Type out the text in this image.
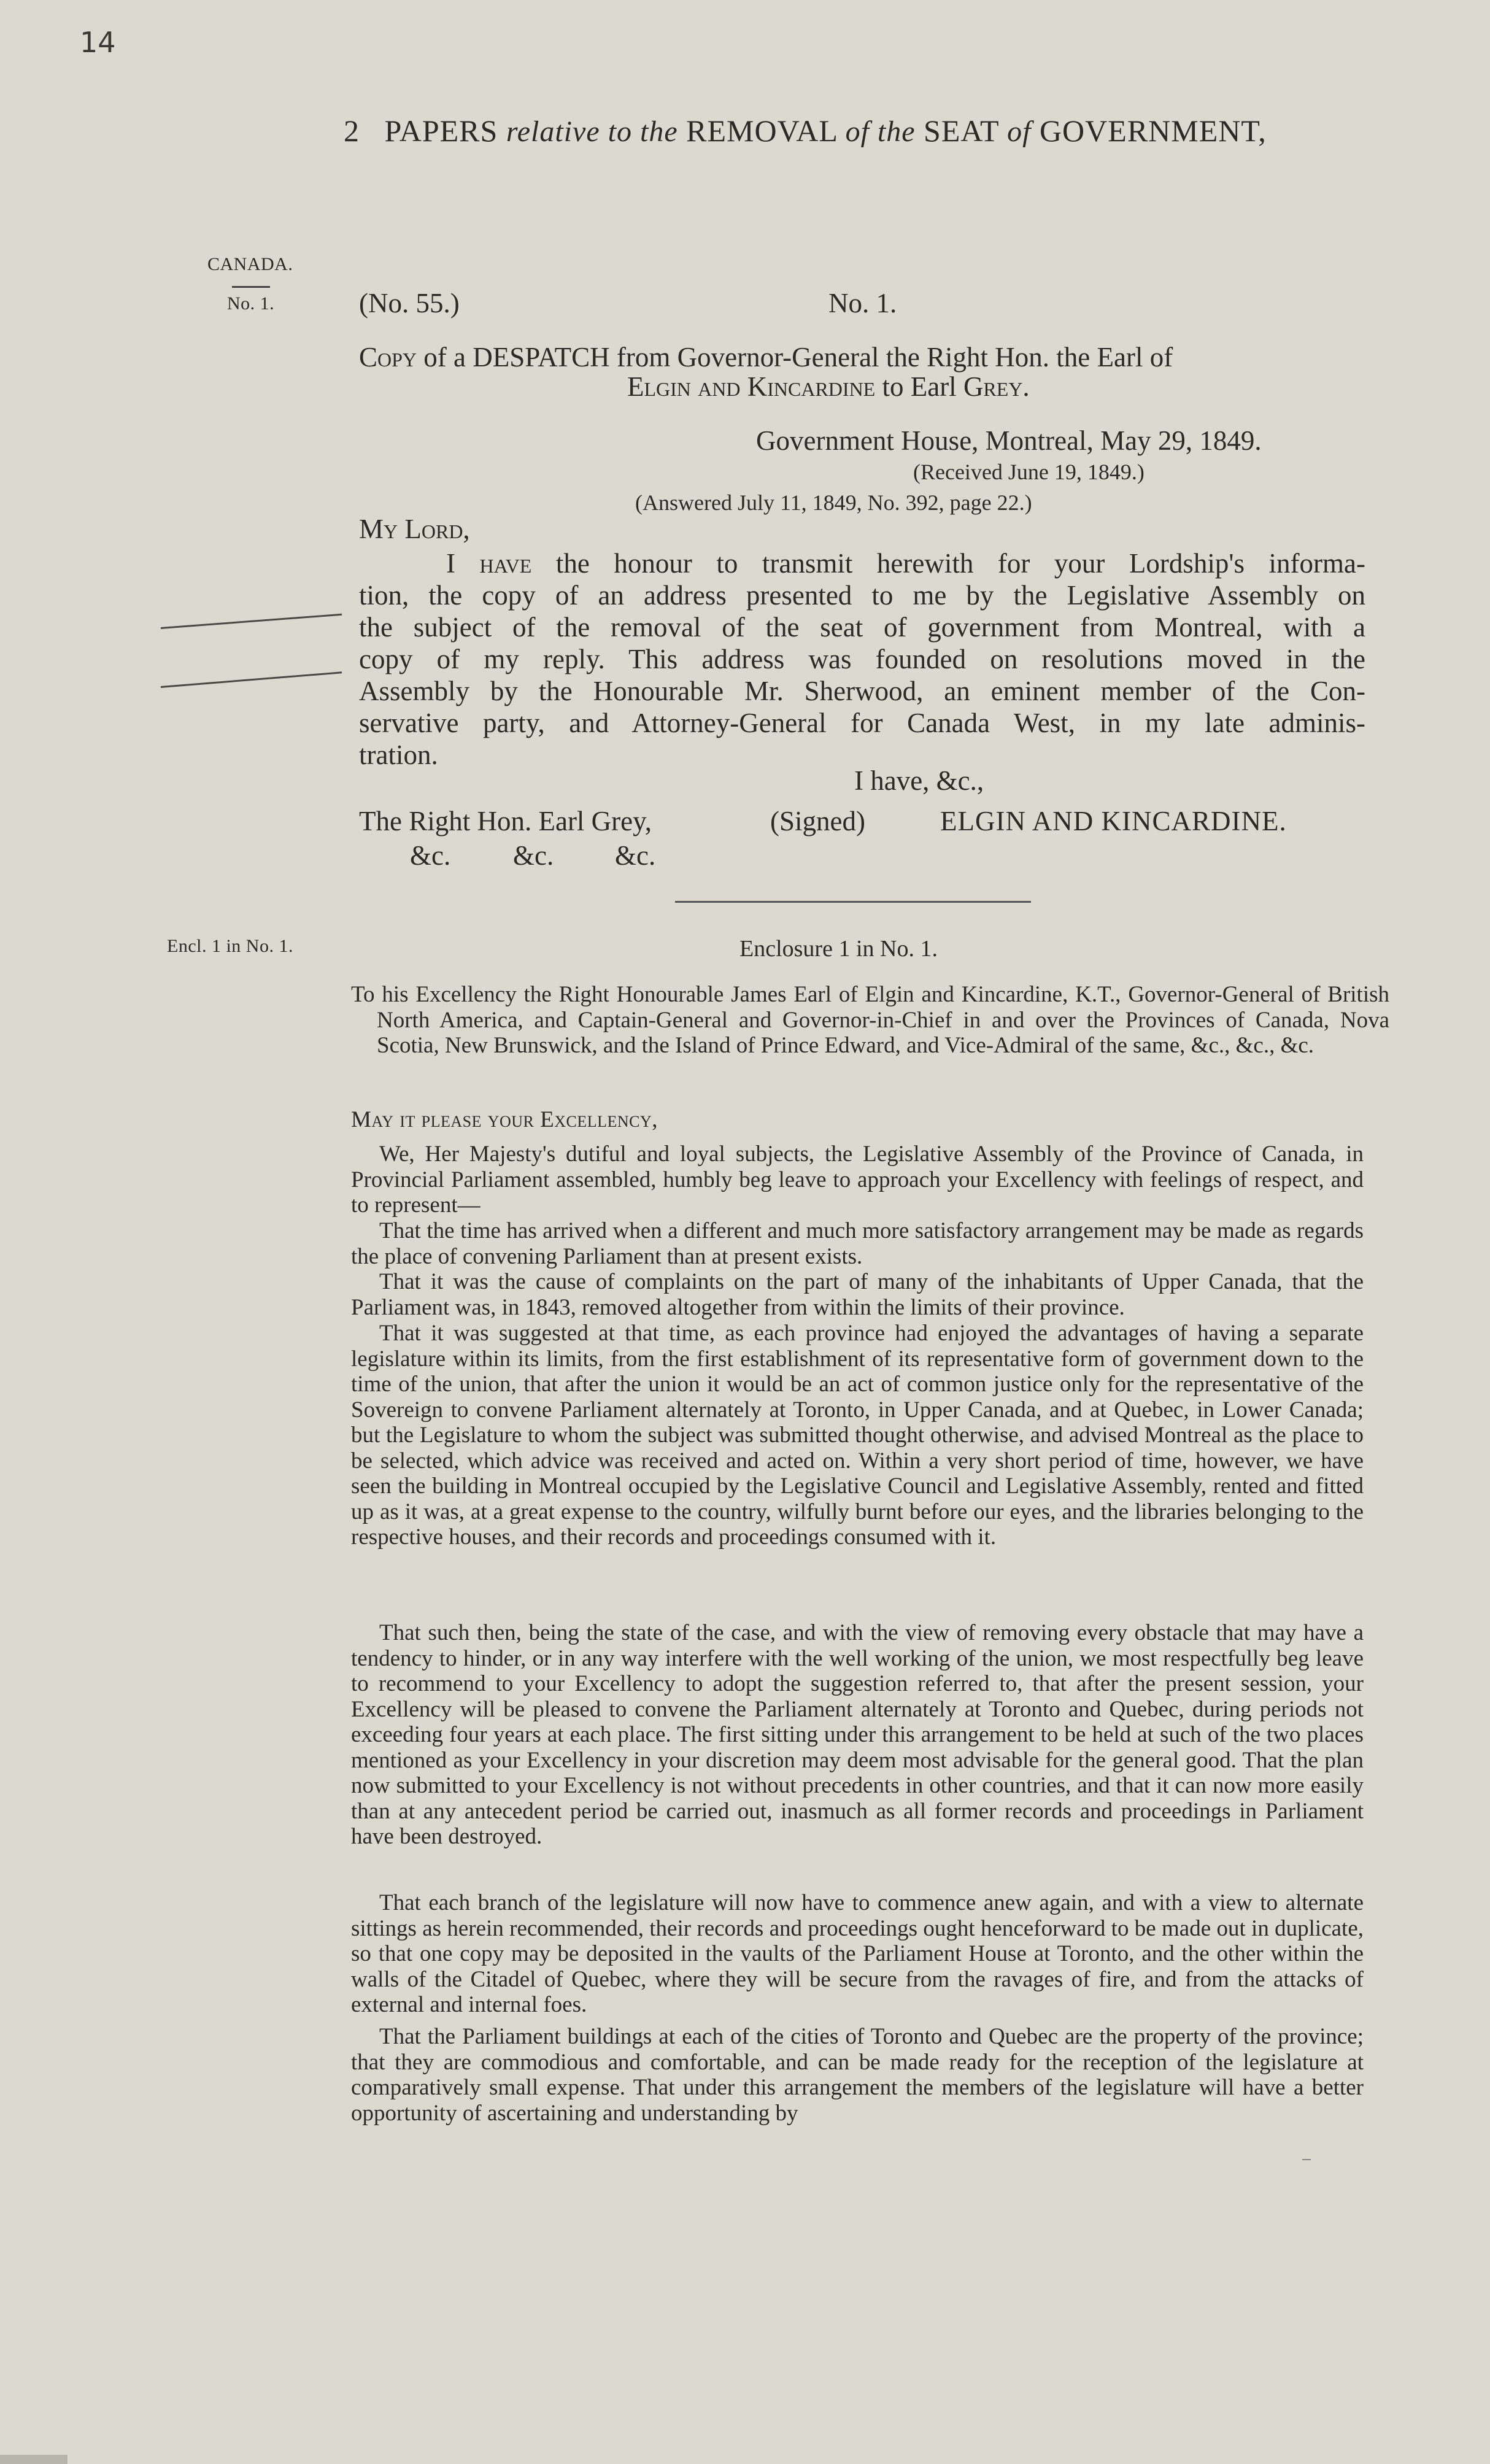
14
2 PAPERS relative to the REMOVAL of the SEAT of GOVERNMENT,
CANADA.
No. 1.
Encl. 1 in No. 1.
(No. 55.)	No. 1.
Copy of a DESPATCH from Governor-General the Right Hon. the Earl of
Elgin and Kincardine to Earl Grey.
Government House, Montreal, May 29, 1849.
(Received June 19, 1849.)
(Answered July 11, 1849, No. 392, page 22.)
My Lord,
I have the honour to transmit herewith for your Lordship's informa-
tion, the copy of an address presented to me by the Legislative Assembly on
the subject of the removal of the seat of government from Montreal, with a
copy of my reply. This address was founded on resolutions moved in the
Assembly by the Honourable Mr. Sherwood, an eminent member of the Con-
servative party, and Attorney-General for Canada West, in my late adminis-
tration.
I have, &c.,
The Right Hon. Earl Grey,	(Signed)	ELGIN AND KINCARDINE.
&c. &c. &c.
Enclosure 1 in No. 1.
To his Excellency the Right Honourable James Earl of Elgin and Kincardine, K.T., Governor-General of British North America, and Captain-General and Governor-in-Chief in and over the Provinces of Canada, Nova Scotia, New Brunswick, and the Island of Prince Edward, and Vice-Admiral of the same, &c., &c., &c.
May it please your Excellency,
We, Her Majesty's dutiful and loyal subjects, the Legislative Assembly of the Province of Canada, in Provincial Parliament assembled, humbly beg leave to approach your Excellency with feelings of respect, and to represent—
That the time has arrived when a different and much more satisfactory arrangement may be made as regards the place of convening Parliament than at present exists.
That it was the cause of complaints on the part of many of the inhabitants of Upper Canada, that the Parliament was, in 1843, removed altogether from within the limits of their province.
That it was suggested at that time, as each province had enjoyed the advantages of having a separate legislature within its limits, from the first establishment of its representative form of government down to the time of the union, that after the union it would be an act of common justice only for the representative of the Sovereign to convene Parliament alternately at Toronto, in Upper Canada, and at Quebec, in Lower Canada; but the Legislature to whom the subject was submitted thought otherwise, and advised Montreal as the place to be selected, which advice was received and acted on. Within a very short period of time, however, we have seen the building in Montreal occupied by the Legislative Council and Legislative Assembly, rented and fitted up as it was, at a great expense to the country, wilfully burnt before our eyes, and the libraries belonging to the respective houses, and their records and proceedings consumed with it.
That such then, being the state of the case, and with the view of removing every obstacle that may have a tendency to hinder, or in any way interfere with the well working of the union, we most respectfully beg leave to recommend to your Excellency to adopt the suggestion referred to, that after the present session, your Excellency will be pleased to convene the Parliament alternately at Toronto and Quebec, during periods not exceeding four years at each place. The first sitting under this arrangement to be held at such of the two places mentioned as your Excellency in your discretion may deem most advisable for the general good. That the plan now submitted to your Excellency is not without precedents in other countries, and that it can now more easily than at any antecedent period be carried out, inasmuch as all former records and proceedings in Parliament have been destroyed.
That each branch of the legislature will now have to commence anew again, and with a view to alternate sittings as herein recommended, their records and proceedings ought henceforward to be made out in duplicate, so that one copy may be deposited in the vaults of the Parliament House at Toronto, and the other within the walls of the Citadel of Quebec, where they will be secure from the ravages of fire, and from the attacks of external and internal foes.
That the Parliament buildings at each of the cities of Toronto and Quebec are the property of the province; that they are commodious and comfortable, and can be made ready for the reception of the legislature at comparatively small expense. That under this arrangement the members of the legislature will have a better opportunity of ascertaining and understanding by
